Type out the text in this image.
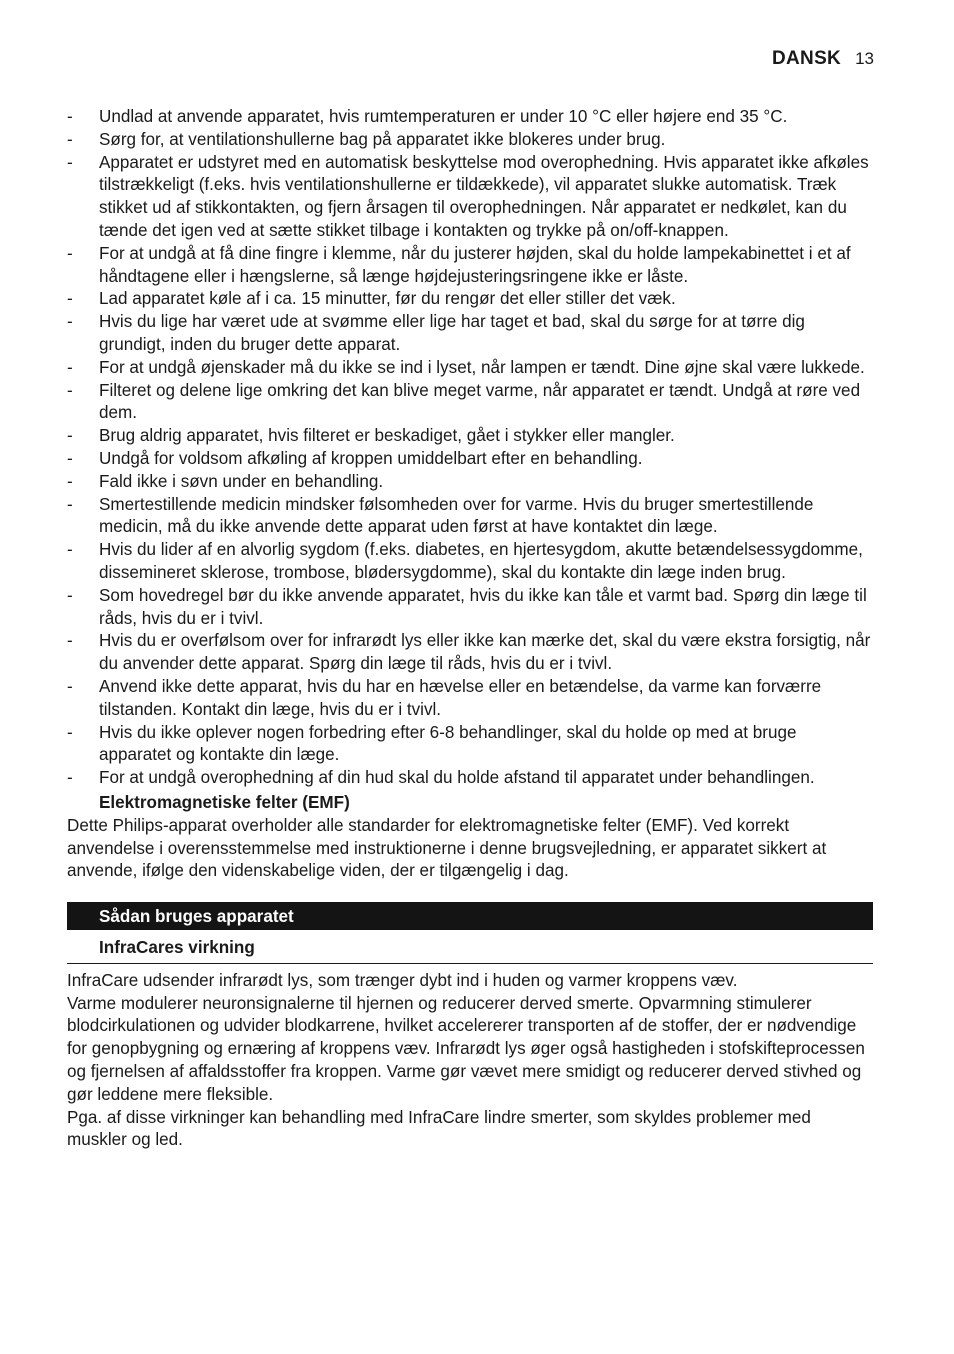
DANSK 13
- Undlad at anvende apparatet, hvis rumtemperaturen er under 10 °C eller højere end 35 °C.
- Sørg for, at ventilationshullerne bag på apparatet ikke blokeres under brug.
- Apparatet er udstyret med en automatisk beskyttelse mod overophedning. Hvis apparatet ikke afkøles tilstrækkeligt (f.eks. hvis ventilationshullerne er tildækkede), vil apparatet slukke automatisk. Træk stikket ud af stikkontakten, og fjern årsagen til overophedningen. Når apparatet er nedkølet, kan du tænde det igen ved at sætte stikket tilbage i kontakten og trykke på on/off-knappen.
- For at undgå at få dine fingre i klemme, når du justerer højden, skal du holde lampekabinettet i et af håndtagene eller i hængslerne, så længe højdejusteringsringene ikke er låste.
- Lad apparatet køle af i ca. 15 minutter, før du rengør det eller stiller det væk.
- Hvis du lige har været ude at svømme eller lige har taget et bad, skal du sørge for at tørre dig grundigt, inden du bruger dette apparat.
- For at undgå øjenskader må du ikke se ind i lyset, når lampen er tændt. Dine øjne skal være lukkede.
- Filteret og delene lige omkring det kan blive meget varme, når apparatet er tændt. Undgå at røre ved dem.
- Brug aldrig apparatet, hvis filteret er beskadiget, gået i stykker eller mangler.
- Undgå for voldsom afkøling af kroppen umiddelbart efter en behandling.
- Fald ikke i søvn under en behandling.
- Smertestillende medicin mindsker følsomheden over for varme. Hvis du bruger smertestillende medicin, må du ikke anvende dette apparat uden først at have kontaktet din læge.
- Hvis du lider af en alvorlig sygdom (f.eks. diabetes, en hjertesygdom, akutte betændelsessygdomme, dissemineret sklerose, trombose, blødersygdomme), skal du kontakte din læge inden brug.
- Som hovedregel bør du ikke anvende apparatet, hvis du ikke kan tåle et varmt bad. Spørg din læge til råds, hvis du er i tvivl.
- Hvis du er overfølsom over for infrarødt lys eller ikke kan mærke det, skal du være ekstra forsigtig, når du anvender dette apparat. Spørg din læge til råds, hvis du er i tvivl.
- Anvend ikke dette apparat, hvis du har en hævelse eller en betændelse, da varme kan forværre tilstanden. Kontakt din læge, hvis du er i tvivl.
- Hvis du ikke oplever nogen forbedring efter 6-8 behandlinger, skal du holde op med at bruge apparatet og kontakte din læge.
- For at undgå overophedning af din hud skal du holde afstand til apparatet under behandlingen.
Elektromagnetiske felter (EMF)

Dette Philips-apparat overholder alle standarder for elektromagnetiske felter (EMF). Ved korrekt anvendelse i overensstemmelse med instruktionerne i denne brugsvejledning, er apparatet sikkert at anvende, ifølge den videnskabelige viden, der er tilgængelig i dag.

Sådan bruges apparatet
InfraCares virkning

InfraCare udsender infrarødt lys, som trænger dybt ind i huden og varmer kroppens væv.

Varme modulerer neuronsignalerne til hjernen og reducerer derved smerte. Opvarmning stimulerer blodcirkulationen og udvider blodkarrene, hvilket accelererer transporten af de stoffer, der er nødvendige for genopbygning og ernæring af kroppens væv. Infrarødt lys øger også hastigheden i stofskifteprocessen og fjernelsen af affaldsstoffer fra kroppen. Varme gør vævet mere smidigt og reducerer derved stivhed og gør leddene mere fleksible.

Pga. af disse virkninger kan behandling med InfraCare lindre smerter, som skyldes problemer med muskler og led.
